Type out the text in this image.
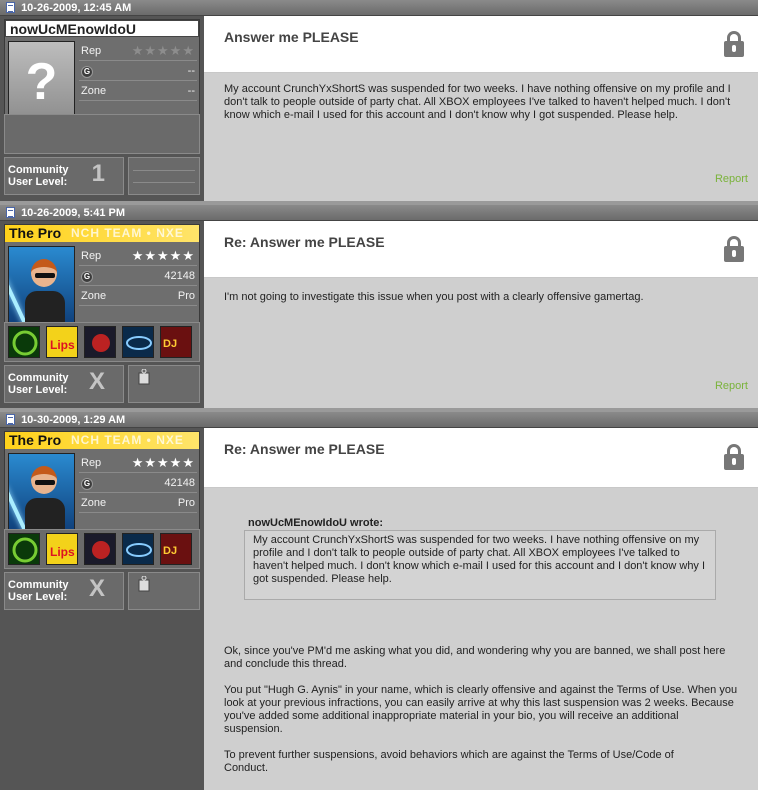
10-26-2009, 12:45 AM
nowUcMEnowIdoU
?
Rep ★★★★★
G	--
Zone	--
Community
User Level: 1
Answer me PLEASE
My account CrunchYxShortS was suspended for two weeks. I have nothing offensive on my profile and I don't talk to people outside of party chat. All XBOX employees I've talked to haven't helped much. I don't know which e-mail I used for this account and I don't know why I got suspended. Please help.
Report
10-26-2009, 5:41 PM
The Pro NCH TEAM • NXE
Rep ★★★★★
G	42148
Zone	Pro
Lips	DJ
Community
User Level: X
Re: Answer me PLEASE
I'm not going to investigate this issue when you post with a clearly offensive gamertag.
Report
10-30-2009, 1:29 AM
The Pro NCH TEAM • NXE
Rep ★★★★★
G	42148
Zone	Pro
Lips	DJ
Community
User Level: X
Re: Answer me PLEASE
nowUcMEnowIdoU wrote:
My account CrunchYxShortS was suspended for two weeks. I have nothing offensive on my profile and I don't talk to people outside of party chat. All XBOX employees I've talked to haven't helped much. I don't know which e-mail I used for this account and I don't know why I got suspended. Please help.
Ok, since you've PM'd me asking what you did, and wondering why you are banned, we shall post here and conclude this thread.
You put "Hugh G. Aynis" in your name, which is clearly offensive and against the Terms of Use. When you look at your previous infractions, you can easily arrive at why this last suspension was 2 weeks. Because you've added some additional inappropriate material in your bio, you will receive an additional suspension.
To prevent further suspensions, avoid behaviors which are against the Terms of Use/Code of Conduct.
